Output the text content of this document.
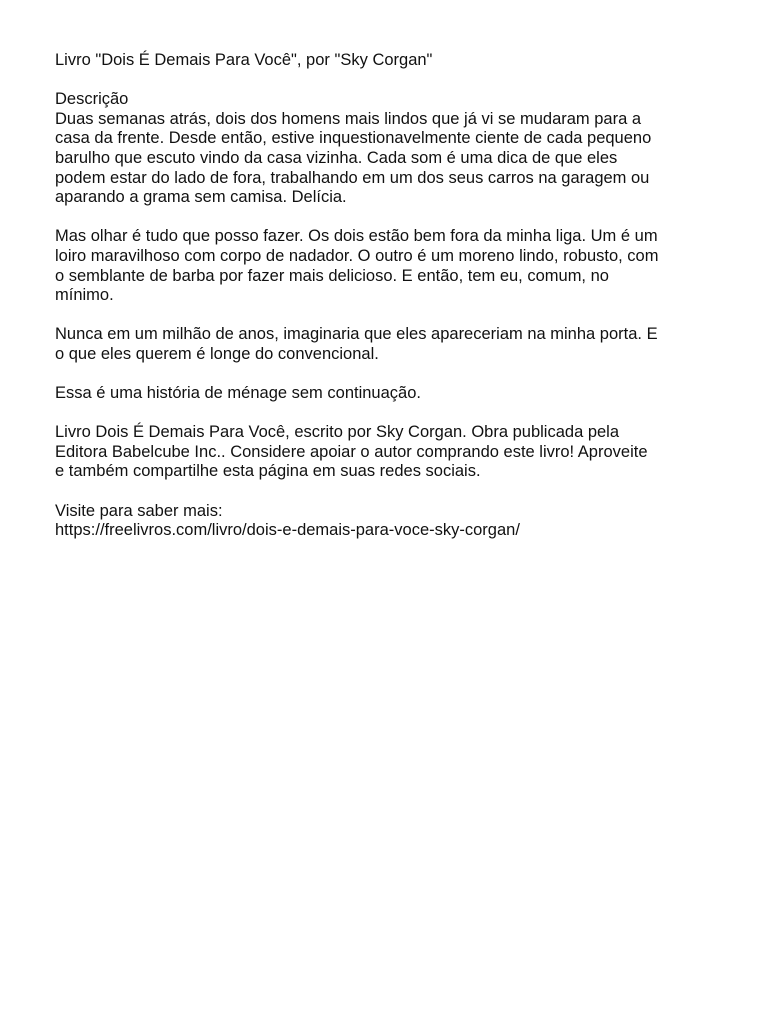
Livro "Dois É Demais Para Você", por "Sky Corgan"
Descrição
Duas semanas atrás, dois dos homens mais lindos que já vi se mudaram para a
casa da frente. Desde então, estive inquestionavelmente ciente de cada pequeno
barulho que escuto vindo da casa vizinha. Cada som é uma dica de que eles
podem estar do lado de fora, trabalhando em um dos seus carros na garagem ou
aparando a grama sem camisa. Delícia.
Mas olhar é tudo que posso fazer. Os dois estão bem fora da minha liga. Um é um
loiro maravilhoso com corpo de nadador. O outro é um moreno lindo, robusto, com
o semblante de barba por fazer mais delicioso. E então, tem eu, comum, no
mínimo.
Nunca em um milhão de anos, imaginaria que eles apareceriam na minha porta. E
o que eles querem é longe do convencional.
Essa é uma história de ménage sem continuação.
Livro Dois É Demais Para Você, escrito por Sky Corgan. Obra publicada pela
Editora Babelcube Inc.. Considere apoiar o autor comprando este livro! Aproveite
e também compartilhe esta página em suas redes sociais.
Visite para saber mais:
https://freelivros.com/livro/dois-e-demais-para-voce-sky-corgan/
